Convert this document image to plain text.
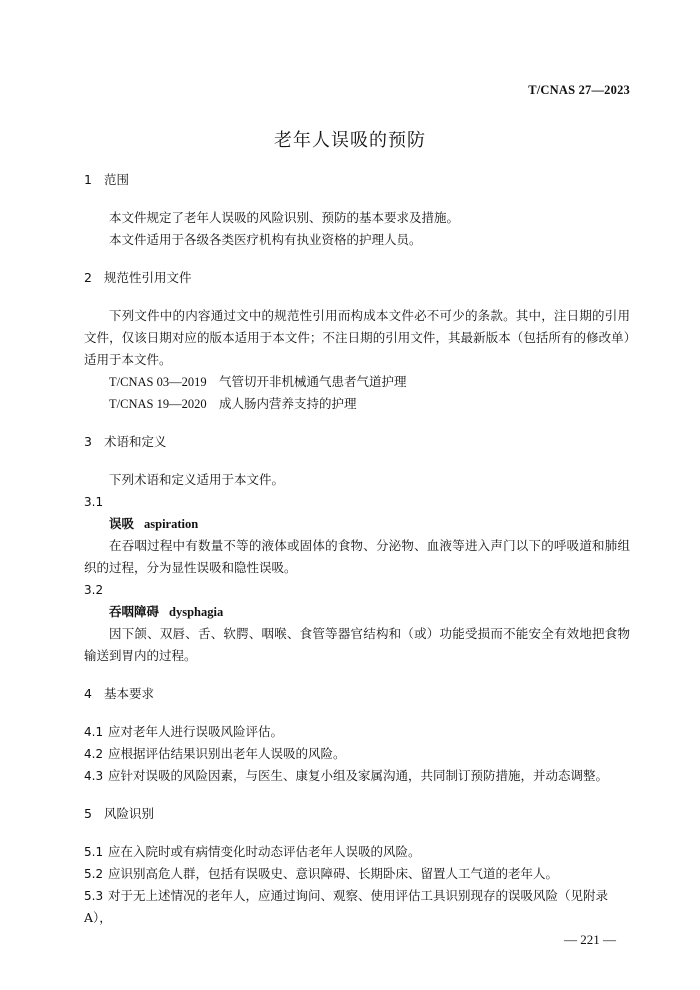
T/CNAS 27—2023
老年人误吸的预防
1 范围

本文件规定了老年人误吸的风险识别、预防的基本要求及措施。

本文件适用于各级各类医疗机构有执业资格的护理人员。

2 规范性引用文件

下列文件中的内容通过文中的规范性引用而构成本文件必不可少的条款。其中，注日期的引用文件，仅该日期对应的版本适用于本文件；不注日期的引用文件，其最新版本（包括所有的修改单）适用于本文件。

T/CNAS 03—2019 气管切开非机械通气患者气道护理
T/CNAS 19—2020 成人肠内营养支持的护理
3 术语和定义

下列术语和定义适用于本文件。

3.1
误吸 aspiration

在吞咽过程中有数量不等的液体或固体的食物、分泌物、血液等进入声门以下的呼吸道和肺组织的过程，分为显性误吸和隐性误吸。

3.2
吞咽障碍 dysphagia

因下颌、双唇、舌、软腭、咽喉、食管等器官结构和（或）功能受损而不能安全有效地把食物输送到胃内的过程。

4 基本要求
4.1 应对老年人进行误吸风险评估。
4.2 应根据评估结果识别出老年人误吸的风险。
4.3 应针对误吸的风险因素，与医生、康复小组及家属沟通，共同制订预防措施，并动态调整。
5 风险识别
5.1 应在入院时或有病情变化时动态评估老年人误吸的风险。
5.2 应识别高危人群，包括有误吸史、意识障碍、长期卧床、留置人工气道的老年人。
5.3 对于无上述情况的老年人，应通过询问、观察、使用评估工具识别现存的误吸风险（见附录 A），
— 221 —
